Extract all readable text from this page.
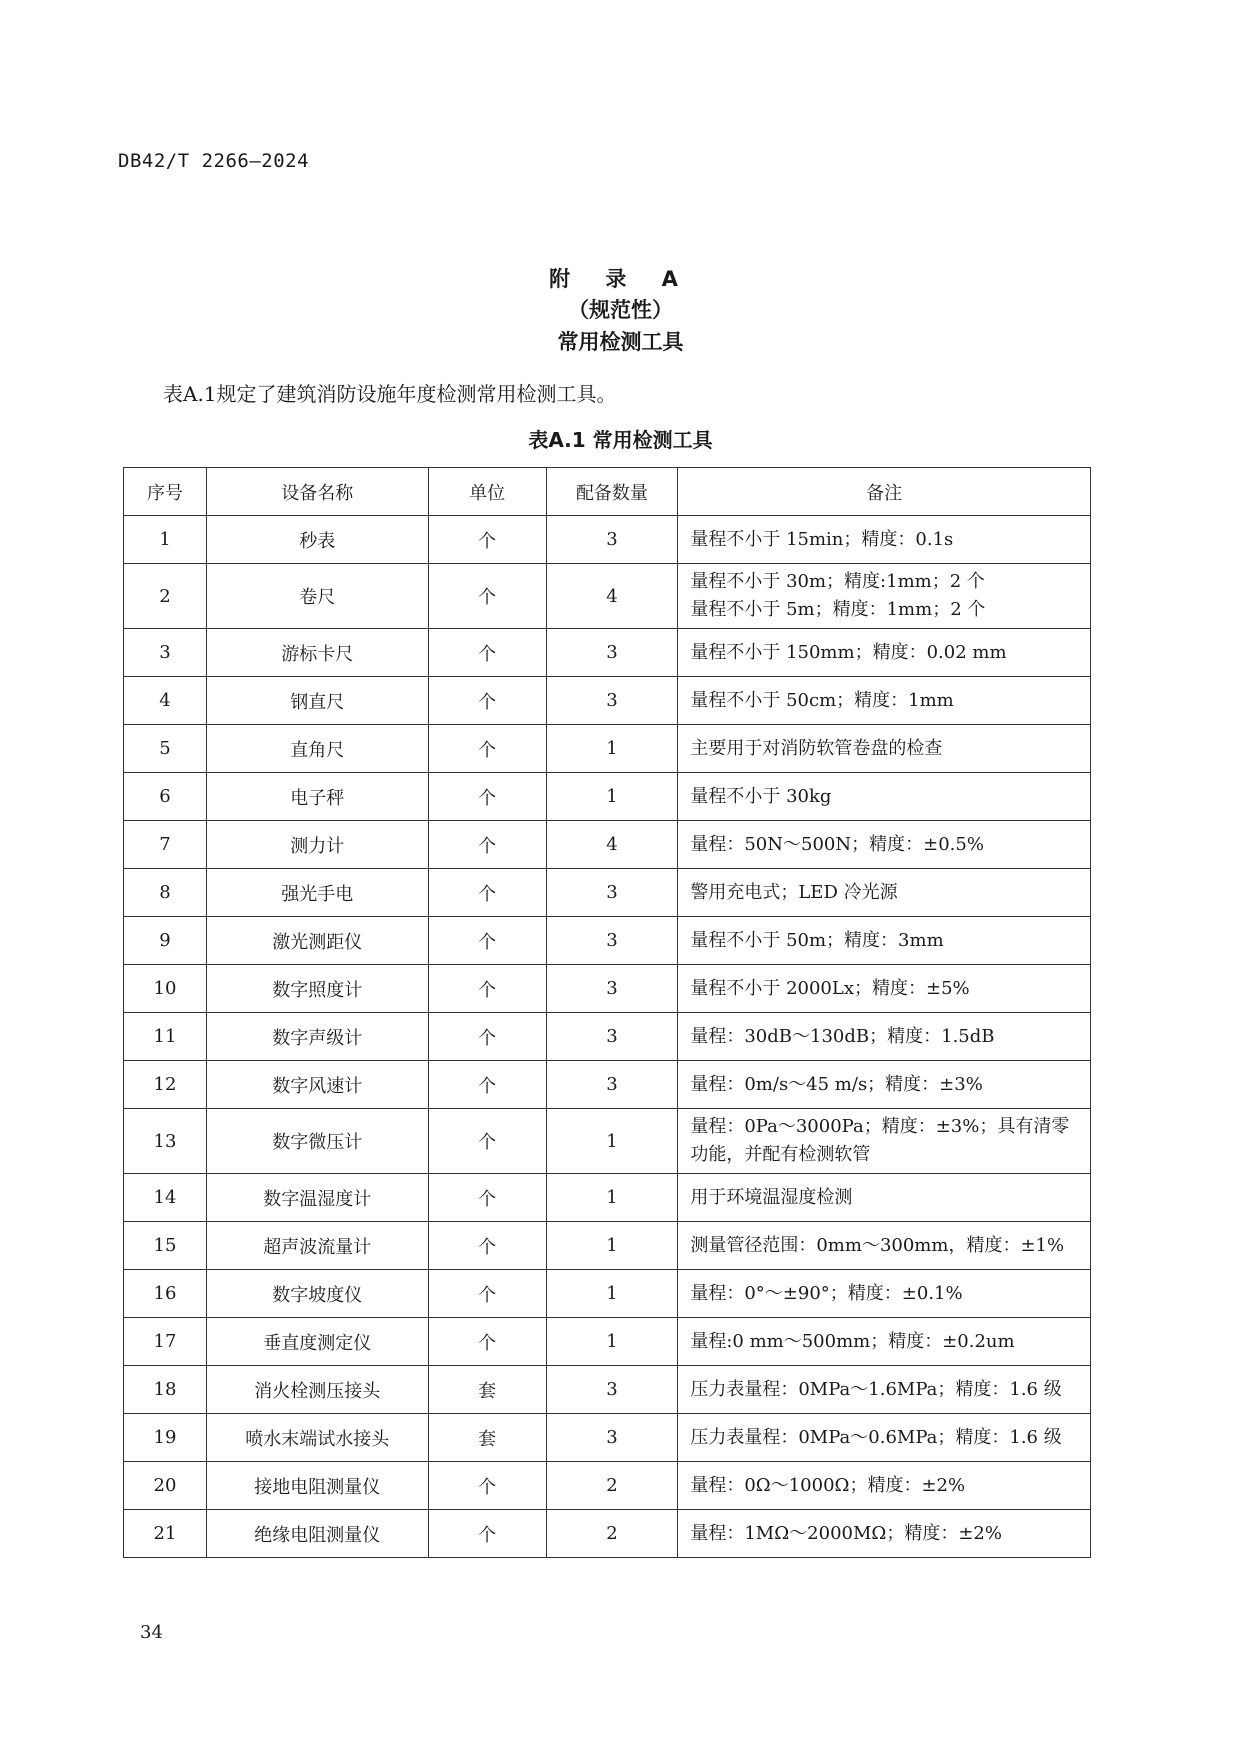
DB42/T 2266—2024
附 录 A
（规范性）
常用检测工具
表A.1规定了建筑消防设施年度检测常用检测工具。
表A.1 常用检测工具
序号	设备名称	单位	配备数量	备注
1	秒表	个	3	量程不小于 15min；精度：0.1s

2	卷尺	个	4	量程不小于 30m；精度:1mm；2 个
量程不小于 5m；精度：1mm；2 个

3	游标卡尺	个	3	量程不小于 150mm；精度：0.02 mm

4	钢直尺	个	3	量程不小于 50cm；精度：1mm

5	直角尺	个	1	主要用于对消防软管卷盘的检查

6	电子秤	个	1	量程不小于 30kg

7	测力计	个	4	量程：50N～500N；精度：±0.5%

8	强光手电	个	3	警用充电式；LED 冷光源

9	激光测距仪	个	3	量程不小于 50m；精度：3mm

10	数字照度计	个	3	量程不小于 2000Lx；精度：±5%

11	数字声级计	个	3	量程：30dB～130dB；精度：1.5dB

12	数字风速计	个	3	量程：0m/s～45 m/s；精度：±3%

13	数字微压计	个	1	量程：0Pa～3000Pa；精度：±3%；具有清零
功能，并配有检测软管

14	数字温湿度计	个	1	用于环境温湿度检测

15	超声波流量计	个	1	测量管径范围：0mm～300mm，精度：±1%

16	数字坡度仪	个	1	量程：0°～±90°；精度：±0.1%

17	垂直度测定仪	个	1	量程:0 mm～500mm；精度：±0.2um

18	消火栓测压接头	套	3	压力表量程：0MPa～1.6MPa；精度：1.6 级

19	喷水末端试水接头	套	3	压力表量程：0MPa～0.6MPa；精度：1.6 级

20	接地电阻测量仪	个	2	量程：0Ω～1000Ω；精度：±2%

21	绝缘电阻测量仪	个	2	量程：1MΩ～2000MΩ；精度：±2%
34
